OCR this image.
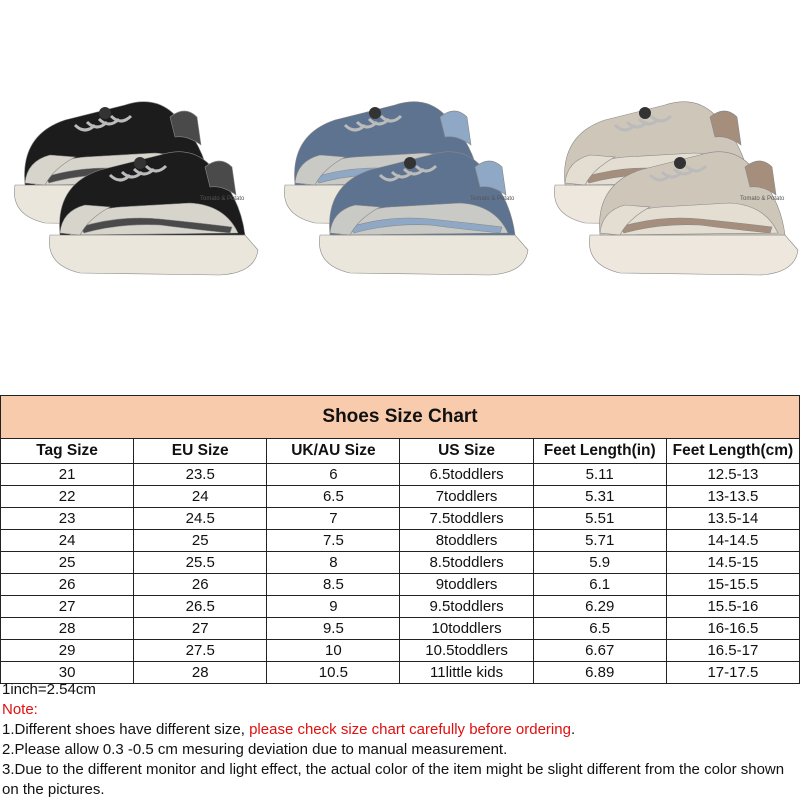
Tomato & Potato	Tomato & Potato	Tomato & Potato
Shoes Size Chart					
Tag Size	EU Size	UK/AU Size	US Size	Feet Length(in)	Feet Length(cm)
21	23.5	6	6.5toddlers	5.11	12.5-13
22	24	6.5	7toddlers	5.31	13-13.5
23	24.5	7	7.5toddlers	5.51	13.5-14
24	25	7.5	8toddlers	5.71	14-14.5
25	25.5	8	8.5toddlers	5.9	14.5-15
26	26	8.5	9toddlers	6.1	15-15.5
27	26.5	9	9.5toddlers	6.29	15.5-16
28	27	9.5	10toddlers	6.5	16-16.5
29	27.5	10	10.5toddlers	6.67	16.5-17
30	28	10.5	11little kids	6.89	17-17.5

1inch=2.54cm

Note:

1.Different shoes have different size, please check size chart carefully before ordering.

2.Please allow 0.3 -0.5 cm mesuring deviation due to manual measurement.

3.Due to the different monitor and light effect, the actual color of the item might be slight different from the color shown on the pictures.
